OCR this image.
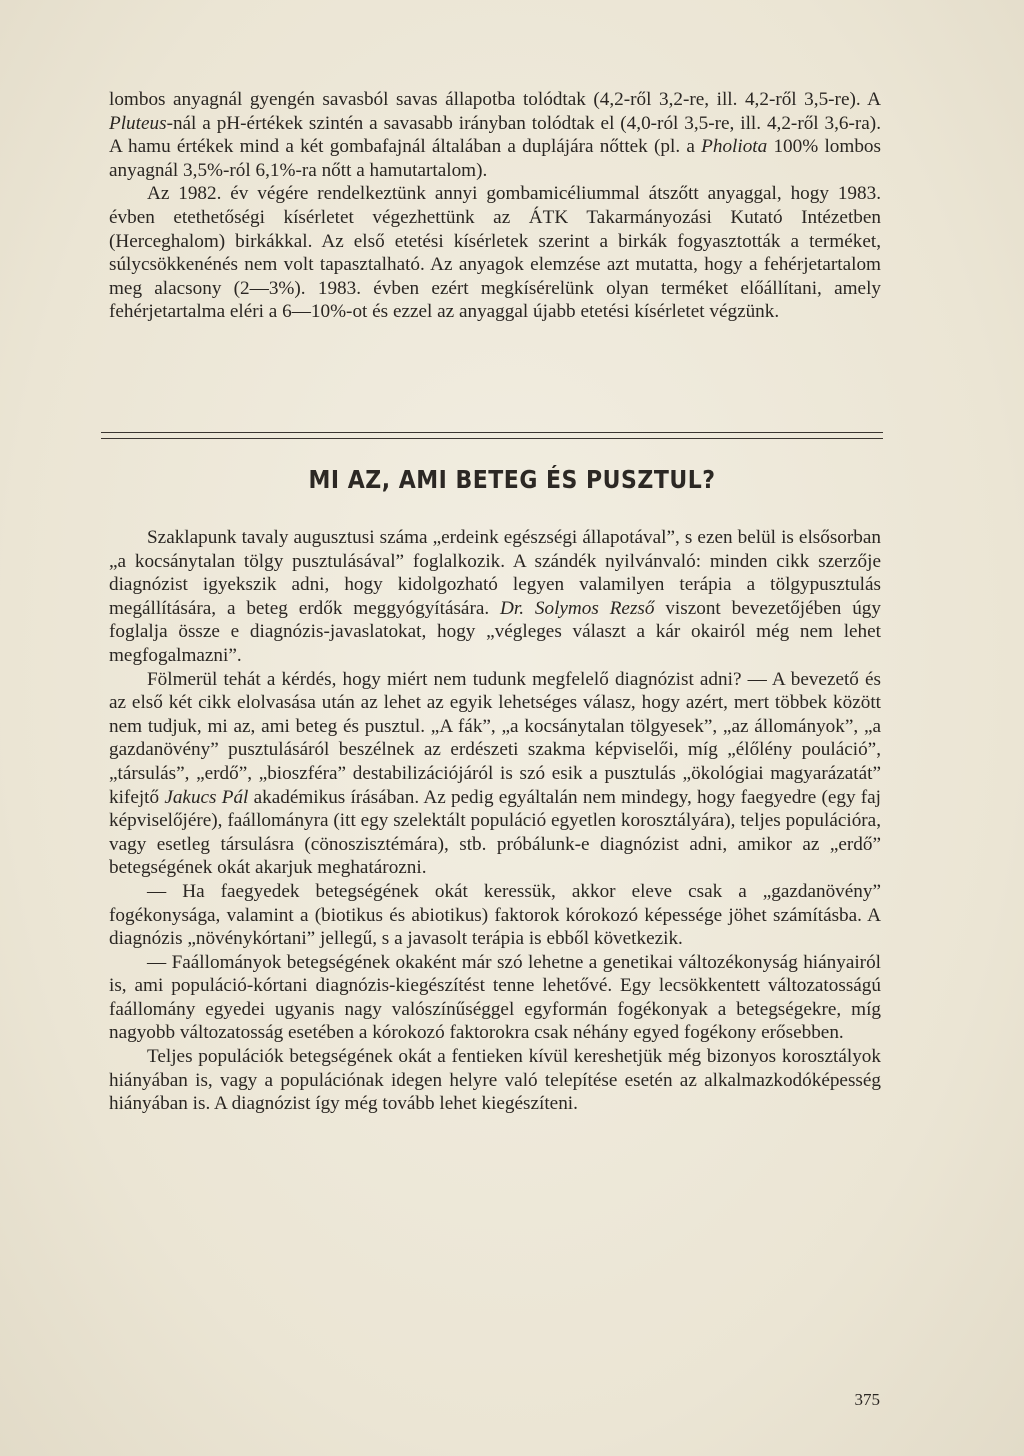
lombos anyagnál gyengén savasból savas állapotba tolódtak (4,2-ről 3,2-re, ill. 4,2-ről 3,5-re). A Pluteus-nál a pH-értékek szintén a savasabb irányban tolódtak el (4,0-ról 3,5-re, ill. 4,2-ről 3,6-ra). A hamu értékek mind a két gombafajnál általában a duplájára nőttek (pl. a Pholiota 100% lombos anyagnál 3,5%-ról 6,1%-ra nőtt a hamutartalom).

Az 1982. év végére rendelkeztünk annyi gombamicéliummal átszőtt anyaggal, hogy 1983. évben etethetőségi kísérletet végezhettünk az ÁTK Takarmányozási Kutató Intézetben (Herceghalom) birkákkal. Az első etetési kísérletek szerint a birkák fogyasztották a terméket, súlycsökkenénés nem volt tapasztalható. Az anyagok elemzése azt mutatta, hogy a fehérjetartalom meg alacsony (2—3%). 1983. évben ezért megkísérelünk olyan terméket előállítani, amely fehérjetartalma eléri a 6—10%-ot és ezzel az anyaggal újabb etetési kísérletet végzünk.

MI AZ, AMI BETEG ÉS PUSZTUL?

Szaklapunk tavaly augusztusi száma „erdeink egészségi állapotával”, s ezen belül is elsősorban „a kocsánytalan tölgy pusztulásával” foglalkozik. A szándék nyilvánvaló: minden cikk szerzője diagnózist igyekszik adni, hogy kidolgozható legyen valamilyen terápia a tölgypusztulás megállítására, a beteg erdők meggyógyítására. Dr. Solymos Rezső viszont bevezetőjében úgy foglalja össze e diagnózis-javaslatokat, hogy „végleges választ a kár okairól még nem lehet megfogalmazni”.

Fölmerül tehát a kérdés, hogy miért nem tudunk megfelelő diagnózist adni? — A bevezető és az első két cikk elolvasása után az lehet az egyik lehetséges válasz, hogy azért, mert többek között nem tudjuk, mi az, ami beteg és pusztul. „A fák”, „a kocsánytalan tölgyesek”, „az állományok”, „a gazdanövény” pusztulásáról beszélnek az erdészeti szakma képviselői, míg „élőlény pouláció”, „társulás”, „erdő”, „bioszféra” destabilizációjáról is szó esik a pusztulás „ökológiai magyarázatát” kifejtő Jakucs Pál akadémikus írásában. Az pedig egyáltalán nem mindegy, hogy faegyedre (egy faj képviselőjére), faállományra (itt egy szelektált populáció egyetlen korosztályára), teljes populációra, vagy esetleg társulásra (cönoszisztémára), stb. próbálunk-e diagnózist adni, amikor az „erdő” betegségének okát akarjuk meghatározni.

— Ha faegyedek betegségének okát keressük, akkor eleve csak a „gazdanövény” fogékonysága, valamint a (biotikus és abiotikus) faktorok kórokozó képessége jöhet számításba. A diagnózis „növénykórtani” jellegű, s a javasolt terápia is ebből következik.

— Faállományok betegségének okaként már szó lehetne a genetikai változékonyság hiányairól is, ami populáció-kórtani diagnózis-kiegészítést tenne lehetővé. Egy lecsökkentett változatosságú faállomány egyedei ugyanis nagy valószínűséggel egyformán fogékonyak a betegségekre, míg nagyobb változatosság esetében a kórokozó faktorokra csak néhány egyed fogékony erősebben.

Teljes populációk betegségének okát a fentieken kívül kereshetjük még bizonyos korosztályok hiányában is, vagy a populációnak idegen helyre való telepítése esetén az alkalmazkodóképesség hiányában is. A diagnózist így még tovább lehet kiegészíteni.

375
